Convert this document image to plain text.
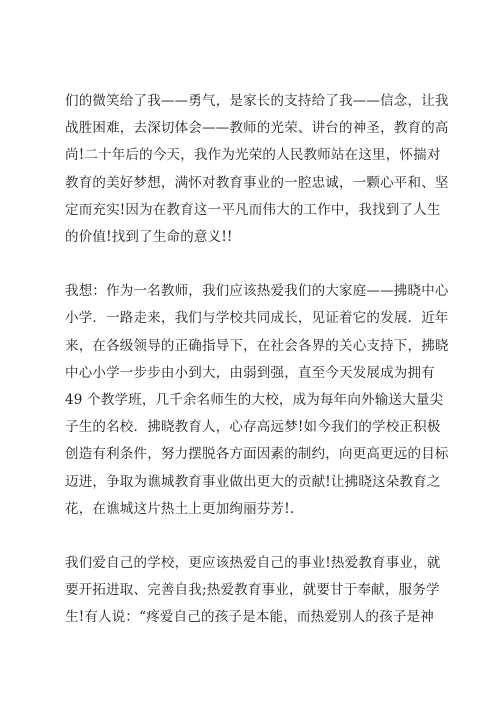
们的微笑给了我——勇气，是家长的支持给了我——信念，让我
战胜困难，去深切体会——教师的光荣、讲台的神圣，教育的高
尚!二十年后的今天，我作为光荣的人民教师站在这里，怀揣对
教育的美好梦想，满怀对教育事业的一腔忠诚，一颗心平和、坚
定而充实!因为在教育这一平凡而伟大的工作中，我找到了人生
的价值!找到了生命的意义!!
我想：作为一名教师，我们应该热爱我们的大家庭——拂晓中心
小学．一路走来，我们与学校共同成长，见证着它的发展．近年
来，在各级领导的正确指导下，在社会各界的关心支持下，拂晓
中心小学一步步由小到大，由弱到强，直至今天发展成为拥有
49 个教学班，几千余名师生的大校，成为每年向外输送大量尖
子生的名校．拂晓教育人，心存高远梦!如今我们的学校正积极
创造有利条件，努力摆脱各方面因素的制约，向更高更远的目标
迈进，争取为谯城教育事业做出更大的贡献!让拂晓这朵教育之
花，在谯城这片热土上更加绚丽芬芳!.
我们爱自己的学校，更应该热爱自己的事业!热爱教育事业，就
要开拓进取、完善自我;热爱教育事业，就要甘于奉献，服务学
生!有人说：“疼爱自己的孩子是本能，而热爱别人的孩子是神
